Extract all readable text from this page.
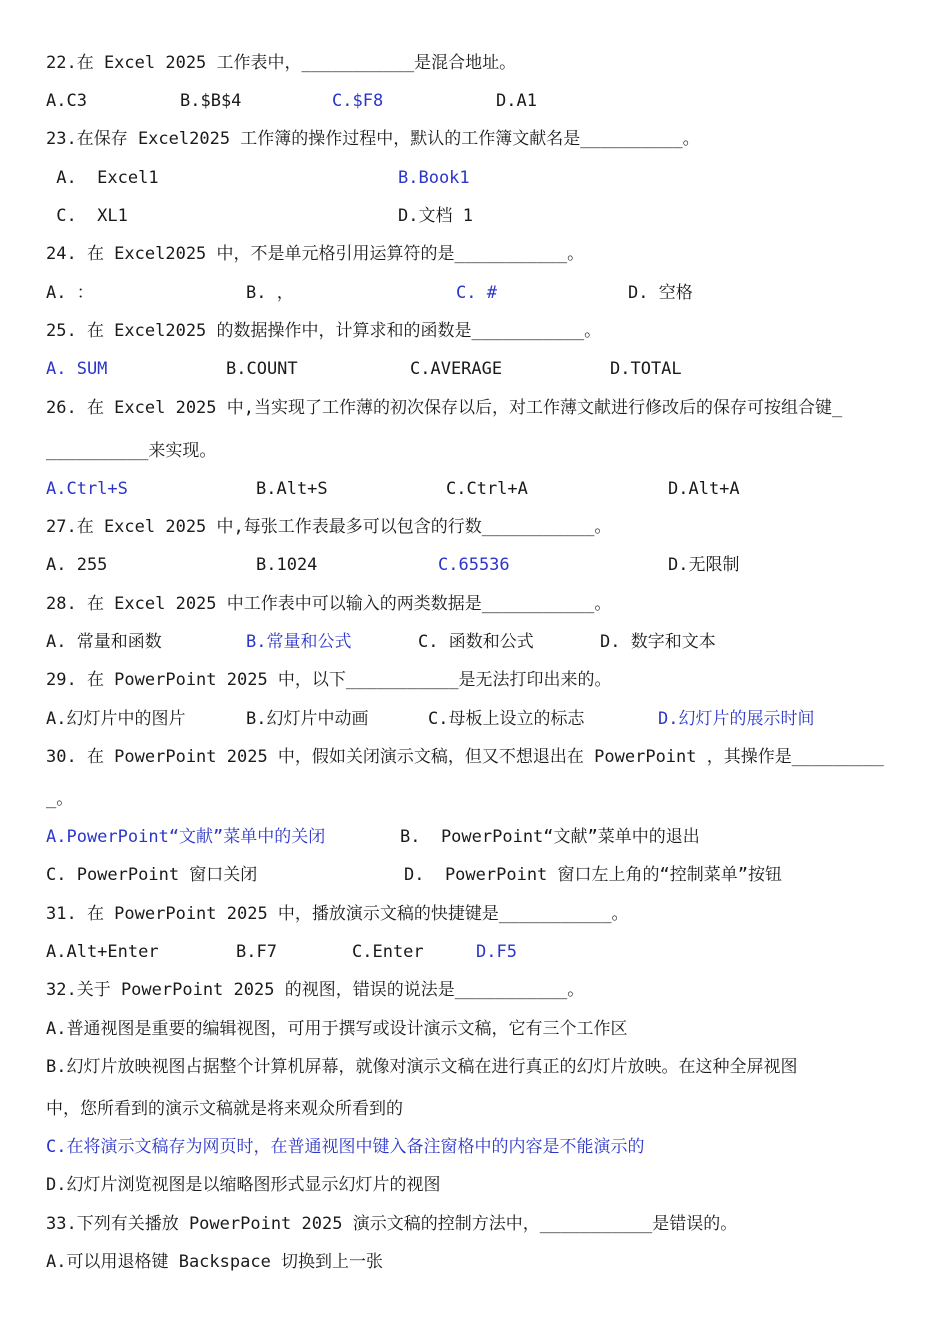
22.在 Excel 2025 工作表中，___________是混合地址。
A.C3	B.$B$4	C.$F8	D.A1
23.在保存 Excel2025 工作簿的操作过程中，默认的工作簿文献名是__________。
A.  Excel1	B.Book1
C.  XL1	D.文档 1
24. 在 Excel2025 中，不是单元格引用运算符的是___________。
A. ：	B. ，	C. #	D. 空格
25. 在 Excel2025 的数据操作中，计算求和的函数是___________。
A. SUM	B.COUNT	C.AVERAGE	D.TOTAL
26. 在 Excel 2025 中,当实现了工作薄的初次保存以后，对工作薄文献进行修改后的保存可按组合键_
__________来实现。
A.Ctrl+S	B.Alt+S	C.Ctrl+A	D.Alt+A
27.在 Excel 2025 中,每张工作表最多可以包含的行数___________。
A. 255	B.1024	C.65536	D.无限制
28. 在 Excel 2025 中工作表中可以输入的两类数据是___________。
A. 常量和函数	B.常量和公式	C. 函数和公式	D. 数字和文本
29. 在 PowerPoint 2025 中，以下___________是无法打印出来的。
A.幻灯片中的图片	B.幻灯片中动画	C.母板上设立的标志	D.幻灯片的展示时间
30. 在 PowerPoint 2025 中，假如关闭演示文稿，但又不想退出在 PowerPoint ，其操作是_________
_。
A.PowerPoint“文献”菜单中的关闭	B.  PowerPoint“文献”菜单中的退出
C. PowerPoint 窗口关闭	D.  PowerPoint 窗口左上角的“控制菜单”按钮
31. 在 PowerPoint 2025 中，播放演示文稿的快捷键是___________。
A.Alt+Enter	B.F7	C.Enter	D.F5
32.关于 PowerPoint 2025 的视图，错误的说法是___________。
A.普通视图是重要的编辑视图，可用于撰写或设计演示文稿，它有三个工作区
B.幻灯片放映视图占据整个计算机屏幕，就像对演示文稿在进行真正的幻灯片放映。在这种全屏视图
中，您所看到的演示文稿就是将来观众所看到的
C.在将演示文稿存为网页时，在普通视图中键入备注窗格中的内容是不能演示的
D.幻灯片浏览视图是以缩略图形式显示幻灯片的视图
33.下列有关播放 PowerPoint 2025 演示文稿的控制方法中，___________是错误的。
A.可以用退格键 Backspace 切换到上一张
